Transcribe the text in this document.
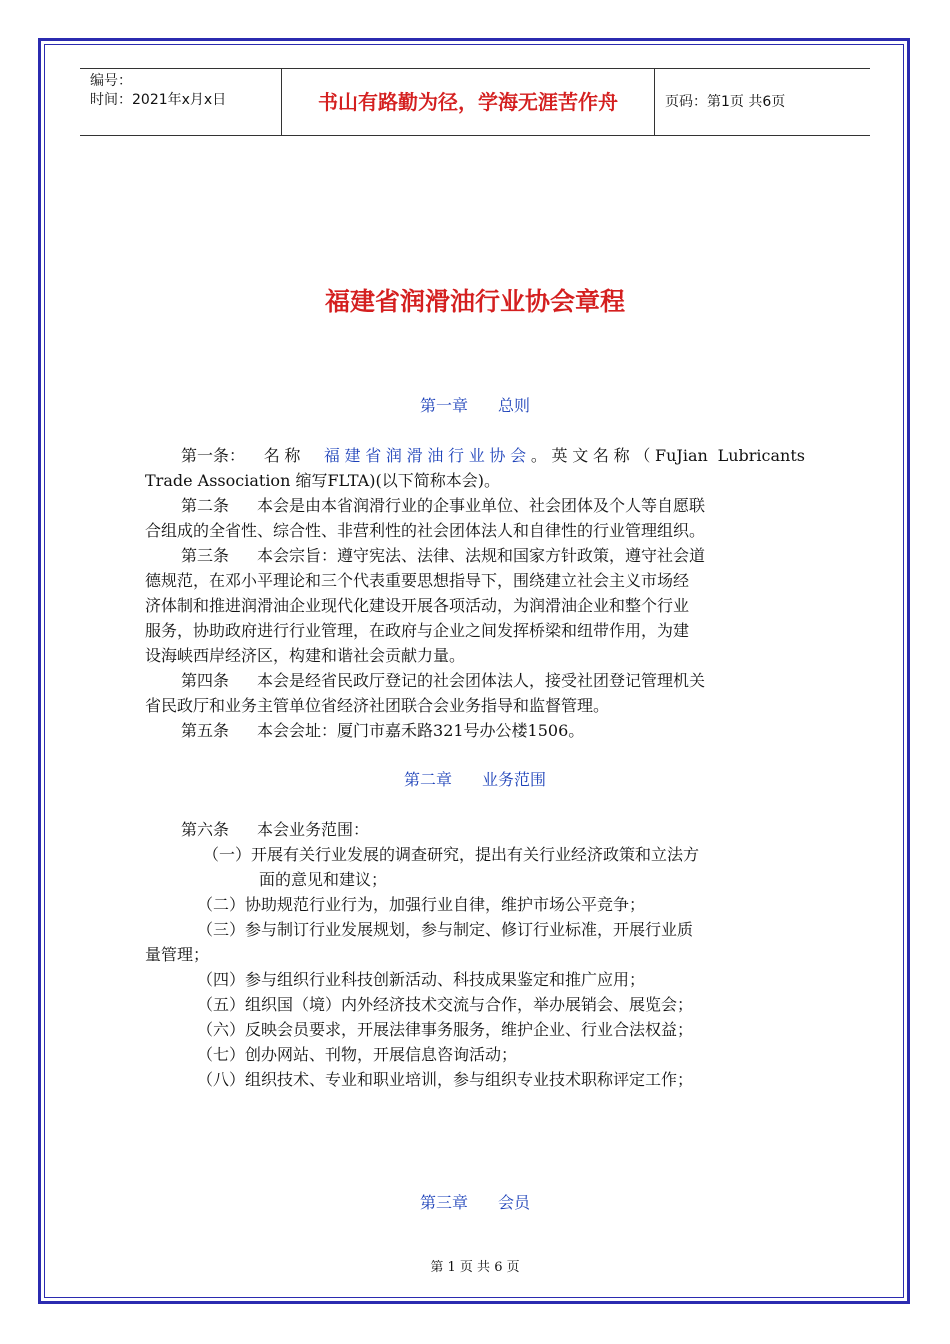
编号：
时间：2021年x月x日	书山有路勤为径，学海无涯苦作舟	页码：第1页 共6页
福建省润滑油行业协会章程
第一章 总则
第一条： 名称 福建省润滑油行业协会。英文名称（FuJian Lubricants
Trade Association 缩写FLTA)(以下简称本会)。
第二条 本会是由本省润滑行业的企事业单位、社会团体及个人等自愿联
合组成的全省性、综合性、非营利性的社会团体法人和自律性的行业管理组织。
第三条 本会宗旨：遵守宪法、法律、法规和国家方针政策，遵守社会道
德规范，在邓小平理论和三个代表重要思想指导下，围绕建立社会主义市场经
济体制和推进润滑油企业现代化建设开展各项活动，为润滑油企业和整个行业
服务，协助政府进行行业管理，在政府与企业之间发挥桥梁和纽带作用，为建
设海峡西岸经济区，构建和谐社会贡献力量。
第四条 本会是经省民政厅登记的社会团体法人，接受社团登记管理机关
省民政厅和业务主管单位省经济社团联合会业务指导和监督管理。
第五条 本会会址：厦门市嘉禾路321号办公楼1506。
第二章 业务范围
第六条 本会业务范围：
（一）开展有关行业发展的调查研究，提出有关行业经济政策和立法方
面的意见和建议；
（二）协助规范行业行为，加强行业自律，维护市场公平竞争；
（三）参与制订行业发展规划，参与制定、修订行业标准，开展行业质
量管理；
（四）参与组织行业科技创新活动、科技成果鉴定和推广应用；
（五）组织国（境）内外经济技术交流与合作，举办展销会、展览会；
（六）反映会员要求，开展法律事务服务，维护企业、行业合法权益；
（七）创办网站、刊物，开展信息咨询活动；
（八）组织技术、专业和职业培训，参与组织专业技术职称评定工作；
第三章 会员
第 1 页 共 6 页
